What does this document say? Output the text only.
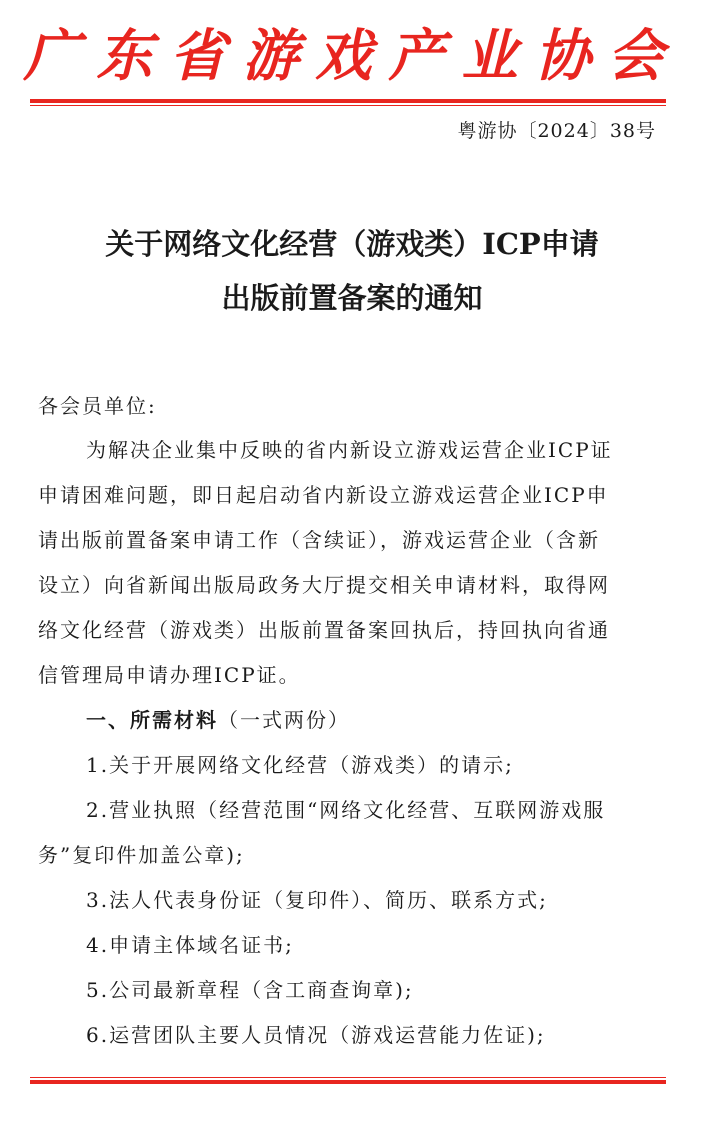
广东省游戏产业协会
粤游协〔2024〕38号
关于网络文化经营（游戏类）ICP申请
出版前置备案的通知
各会员单位:
为解决企业集中反映的省内新设立游戏运营企业ICP证
申请困难问题，即日起启动省内新设立游戏运营企业ICP申
请出版前置备案申请工作（含续证），游戏运营企业（含新
设立）向省新闻出版局政务大厅提交相关申请材料，取得网
络文化经营（游戏类）出版前置备案回执后，持回执向省通
信管理局申请办理ICP证。
一、所需材料（一式两份）
1.关于开展网络文化经营（游戏类）的请示;
2.营业执照（经营范围“网络文化经营、互联网游戏服
务”复印件加盖公章);
3.法人代表身份证（复印件）、简历、联系方式;
4.申请主体域名证书;
5.公司最新章程（含工商查询章);
6.运营团队主要人员情况（游戏运营能力佐证);
